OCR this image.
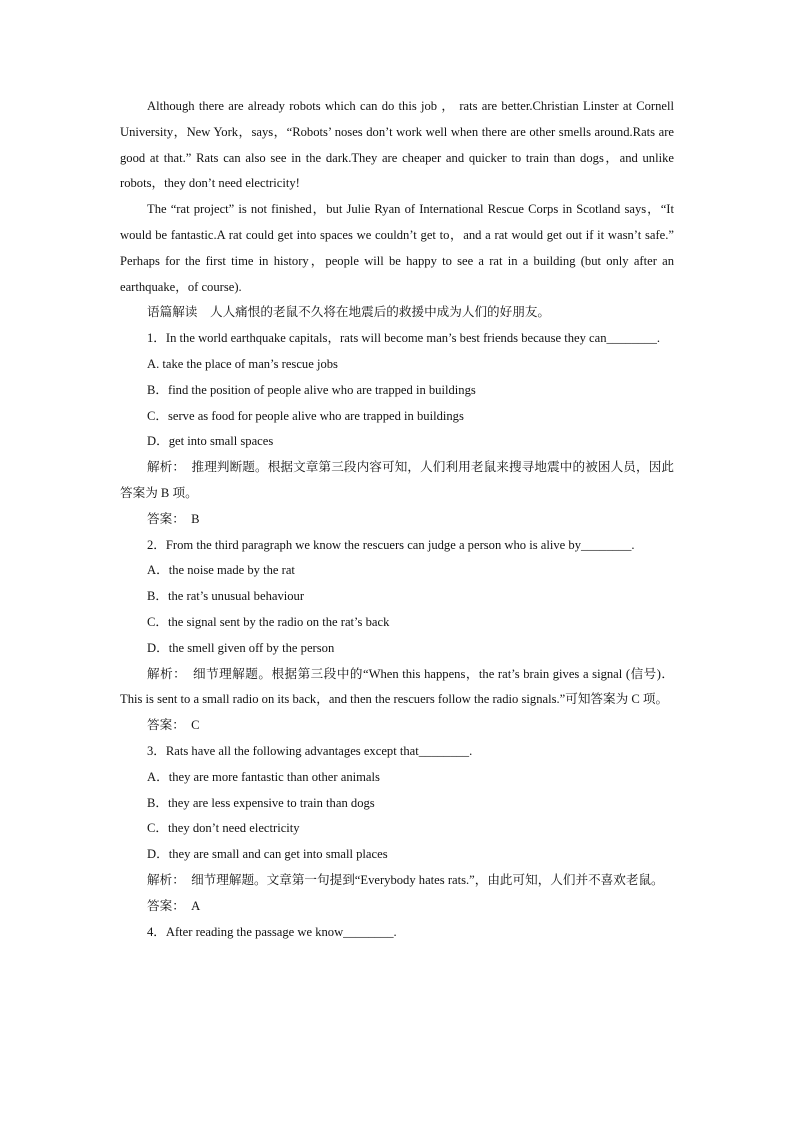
Although there are already robots which can do this job ， rats are better.Christian Linster at Cornell University，New York，says，“Robots’ noses don’t work well when there are other smells around.Rats are good at that.” Rats can also see in the dark.They are cheaper and quicker to train than dogs，and unlike robots，they don’t need electricity!

The “rat project” is not finished，but Julie Ryan of International Rescue Corps in Scotland says，“It would be fantastic.A rat could get into spaces we couldn’t get to，and a rat would get out if it wasn’t safe.” Perhaps for the first time in history，people will be happy to see a rat in a building (but only after an earthquake，of course).

语篇解读　人人痛恨的老鼠不久将在地震后的救援中成为人们的好朋友。

1．In the world earthquake capitals，rats will become man’s best friends because they can________.

A. take the place of man’s rescue jobs

B．find the position of people alive who are trapped in buildings

C．serve as food for people alive who are trapped in buildings

D．get into small spaces

解析：　推理判断题。根据文章第三段内容可知，人们利用老鼠来搜寻地震中的被困人员，因此答案为 B 项。

答案：　B

2．From the third paragraph we know the rescuers can judge a person who is alive by________.

A．the noise made by the rat

B．the rat’s unusual behaviour

C．the signal sent by the radio on the rat’s back

D．the smell given off by the person

解析：　细节理解题。根据第三段中的“When this happens，the rat’s brain gives a signal (信号)．This is sent to a small radio on its back，and then the rescuers follow the radio signals.”可知答案为 C 项。

答案：　C

3．Rats have all the following advantages except that________.

A．they are more fantastic than other animals

B．they are less expensive to train than dogs

C．they don’t need electricity

D．they are small and can get into small places

解析：　细节理解题。文章第一句提到“Everybody hates rats.”，由此可知，人们并不喜欢老鼠。

答案：　A

4．After reading the passage we know________.
